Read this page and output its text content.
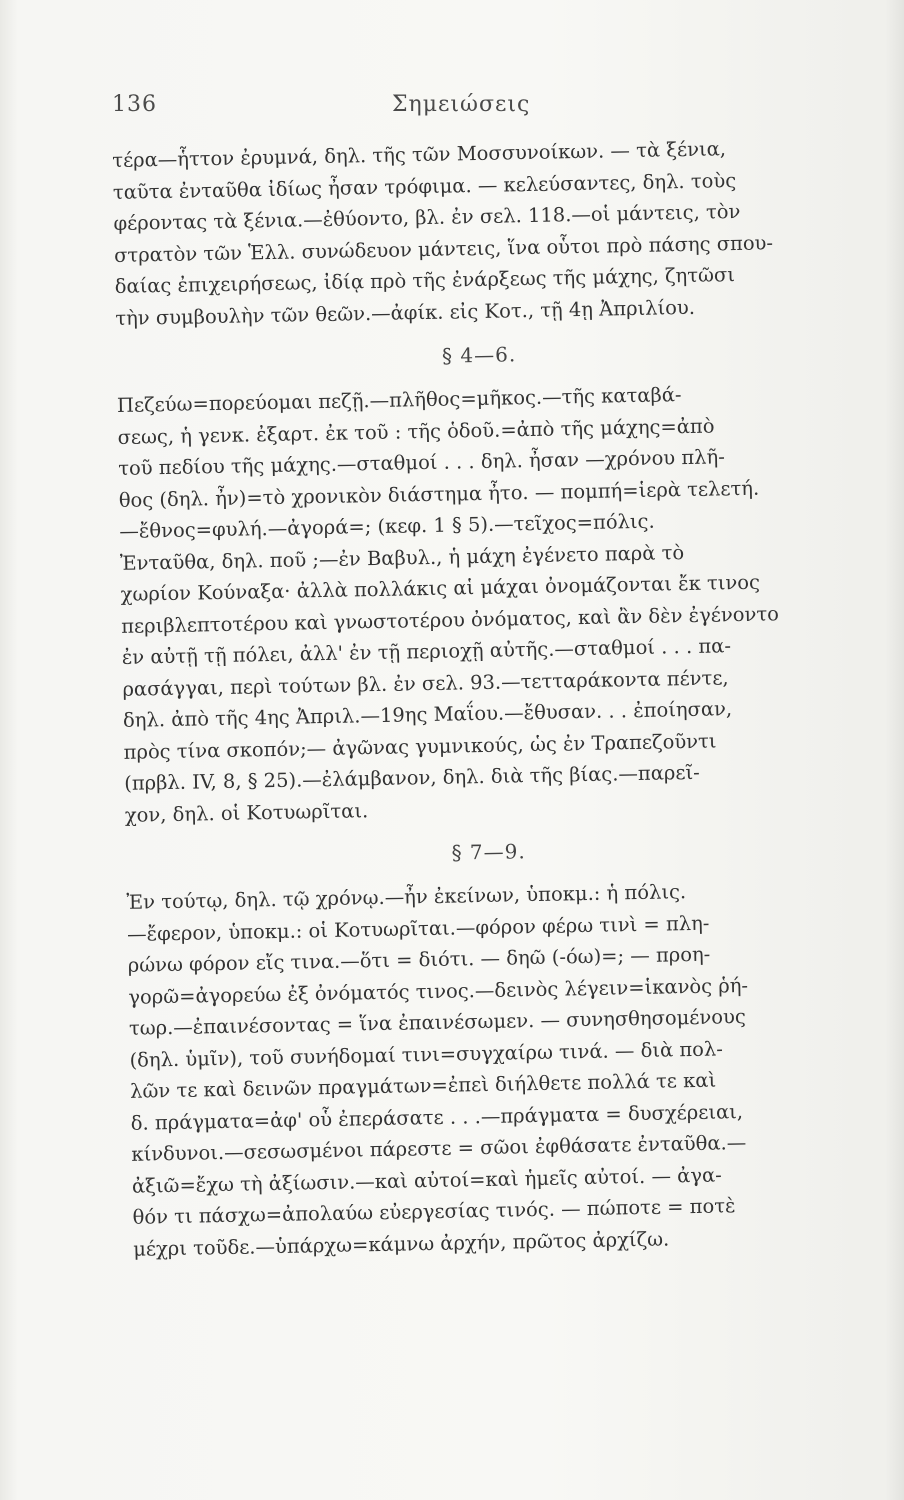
136	Σημειώσεις
τέρα—ἧττον ἐρυμνά, δηλ. τῆς τῶν Μοσσυνοίκων. — τὰ ξένια,
ταῦτα ἐνταῦθα ἰδίως ἦσαν τρόφιμα. — κελεύσαντες, δηλ. τοὺς
φέροντας τὰ ξένια.—ἐθύοντο, βλ. ἐν σελ. 118.—οἱ μάντεις, τὸν
στρατὸν τῶν Ἑλλ. συνώδευον μάντεις, ἵνα οὗτοι πρὸ πάσης σπου-
δαίας ἐπιχειρήσεως, ἰδίᾳ πρὸ τῆς ἐνάρξεως τῆς μάχης, ζητῶσι
τὴν συμβουλὴν τῶν θεῶν.—ἀφίκ. εἰς Κοτ., τῇ 4ῃ Ἀπριλίου.
§ 4—6.
Πεζεύω=πορεύομαι πεζῇ.—πλῆθος=μῆκος.—τῆς καταβά-
σεως, ἡ γενκ. ἐξαρτ. ἐκ τοῦ : τῆς ὁδοῦ.=ἀπὸ τῆς μάχης=ἀπὸ
τοῦ πεδίου τῆς μάχης.—σταθμοί . . . δηλ. ἦσαν —χρόνου πλῆ-
θος (δηλ. ἦν)=τὸ χρονικὸν διάστημα ἦτο. — πομπή=ἱερὰ τελετή.
—ἔθνος=φυλή.—ἀγορά=; (κεφ. 1 § 5).—τεῖχος=πόλις.
Ἐνταῦθα, δηλ. ποῦ ;—ἐν Βαβυλ., ἡ μάχη ἐγένετο παρὰ τὸ
χωρίον Κούναξα· ἀλλὰ πολλάκις αἱ μάχαι ὀνομάζονται ἔκ τινος
περιβλεπτοτέρου καὶ γνωστοτέρου ὀνόματος, καὶ ἂν δὲν ἐγένοντο
ἐν αὐτῇ τῇ πόλει, ἀλλ' ἐν τῇ περιοχῇ αὐτῆς.—σταθμοί . . . πα-
ρασάγγαι, περὶ τούτων βλ. ἐν σελ. 93.—τετταράκοντα πέντε,
δηλ. ἀπὸ τῆς 4ης Ἀπριλ.—19ης Μαΐου.—ἔθυσαν. . . ἐποίησαν,
πρὸς τίνα σκοπόν;— ἀγῶνας γυμνικούς, ὡς ἐν Τραπεζοῦντι
(πρβλ. IV, 8, § 25).—ἐλάμβανον, δηλ. διὰ τῆς βίας.—παρεῖ-
χον, δηλ. οἱ Κοτυωρῖται.
§ 7—9.
Ἐν τούτῳ, δηλ. τῷ χρόνῳ.—ἦν ἐκείνων, ὑποκμ.: ἡ πόλις.
—ἔφερον, ὑποκμ.: οἱ Κοτυωρῖται.—φόρον φέρω τινὶ = πλη-
ρώνω φόρον εἴς τινα.—ὅτι = διότι. — δηῶ (-όω)=; — προη-
γορῶ=ἀγορεύω ἐξ ὀνόματός τινος.—δεινὸς λέγειν=ἱκανὸς ῥή-
τωρ.—ἐπαινέσοντας = ἵνα ἐπαινέσωμεν. — συνησθησομένους
(δηλ. ὑμῖν), τοῦ συνήδομαί τινι=συγχαίρω τινά. — διὰ πολ-
λῶν τε καὶ δεινῶν πραγμάτων=ἐπεὶ διήλθετε πολλά τε καὶ
δ. πράγματα=ἀφ' οὗ ἐπεράσατε . . .—πράγματα = δυσχέρειαι,
κίνδυνοι.—σεσωσμένοι πάρεστε = σῶοι ἐφθάσατε ἐνταῦθα.—
ἀξιῶ=ἔχω τὴ ἀξίωσιν.—καὶ αὐτοί=καὶ ἡμεῖς αὐτοί. — ἀγα-
θόν τι πάσχω=ἀπολαύω εὐεργεσίας τινός. — πώποτε = ποτὲ
μέχρι τοῦδε.—ὑπάρχω=κάμνω ἀρχήν, πρῶτος ἀρχίζω.
